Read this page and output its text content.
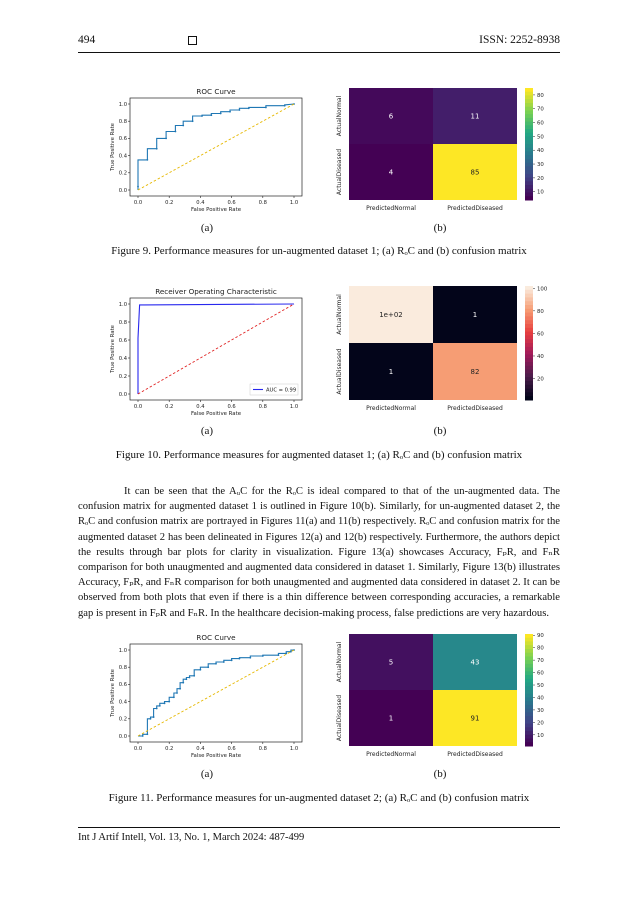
494	ISSN: 2252-8938
ROC Curve
0.0	0.2	0.4	0.6	0.8	1.0
0.0
0.2
0.4
0.6
0.8
1.0
False Positive Rate
True Positive Rate
6	11
4	85
ActualNormal
ActualDiseased
PredictedNormal	PredictedDiseased
80
70
60
50
40
30
20
10
(a)	(b)
Figure 9. Performance measures for un-augmented dataset 1; (a) RₒC and (b) confusion matrix
Receiver Operating Characteristic
0.0	0.2	0.4	0.6	0.8	1.0
0.0
0.2
0.4
0.6
0.8
1.0
False Positive Rate
True Positive Rate
AUC = 0.99
1e+02	1
1	82
ActualNormal
ActualDiseased
PredictedNormal	PredictedDiseased
100
80
60
40
20
(a)	(b)
Figure 10. Performance measures for augmented dataset 1; (a) RₒC and (b) confusion matrix

It can be seen that the AᵤC for the RₒC is ideal compared to that of the un-augmented data. The confusion matrix for augmented dataset 1 is outlined in Figure 10(b). Similarly, for un-augmented dataset 2, the RₒC and confusion matrix are portrayed in Figures 11(a) and 11(b) respectively. RₒC and confusion matrix for the augmented dataset 2 has been delineated in Figures 12(a) and 12(b) respectively. Furthermore, the authors depict the results through bar plots for clarity in visualization. Figure 13(a) showcases Accuracy, FₚR, and FₙR comparison for both unaugmented and augmented data considered in dataset 1. Similarly, Figure 13(b) illustrates Accuracy, FₚR, and FₙR comparison for both unaugmented and augmented data considered in dataset 2. It can be observed from both plots that even if there is a thin difference between corresponding accuracies, a remarkable gap is present in FₚR and FₙR. In the healthcare decision-making process, false predictions are very hazardous.

ROC Curve
0.0	0.2	0.4	0.6	0.8	1.0
0.0
0.2
0.4
0.6
0.8
1.0
False Positive Rate
True Positive Rate
5	43
1	91
ActualNormal
ActualDiseased
PredictedNormal	PredictedDiseased
90
80
70
60
50
40
30
20
10
(a)	(b)
Figure 11. Performance measures for un-augmented dataset 2; (a) RₒC and (b) confusion matrix
Int J Artif Intell, Vol. 13, No. 1, March 2024: 487-499
